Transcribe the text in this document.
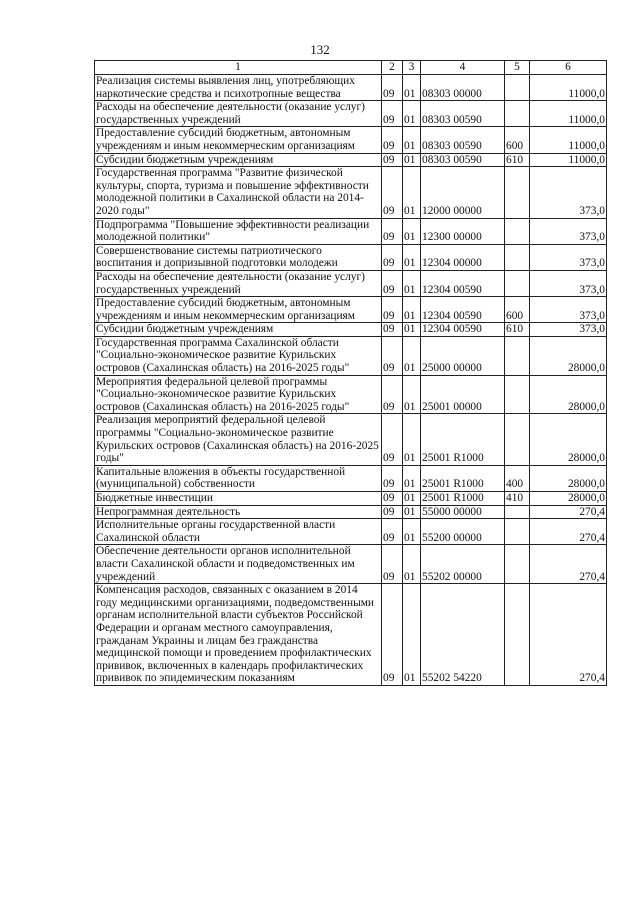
132
1	2	3	4	5	6
Реализация системы выявления лиц, употребляющих наркотические средства и психотропные вещества	09	01	08303 00000		11000,0
Расходы на обеспечение деятельности (оказание услуг) государственных учреждений	09	01	08303 00590		11000,0
Предоставление субсидий бюджетным, автономным учреждениям и иным некоммерческим организациям	09	01	08303 00590	600	11000,0
Субсидии бюджетным учреждениям	09	01	08303 00590	610	11000,0
Государственная программа "Развитие физической культуры, спорта, туризма и повышение эффективности молодежной политики в Сахалинской области на 2014-2020 годы"	09	01	12000 00000		373,0
Подпрограмма "Повышение эффективности реализации молодежной политики"	09	01	12300 00000		373,0
Совершенствование системы патриотического воспитания и допризывной подготовки молодежи	09	01	12304 00000		373,0
Расходы на обеспечение деятельности (оказание услуг) государственных учреждений	09	01	12304 00590		373,0
Предоставление субсидий бюджетным, автономным учреждениям и иным некоммерческим организациям	09	01	12304 00590	600	373,0
Субсидии бюджетным учреждениям	09	01	12304 00590	610	373,0
Государственная программа Сахалинской области "Социально-экономическое развитие Курильских островов (Сахалинская область) на 2016-2025 годы"	09	01	25000 00000		28000,0
Мероприятия федеральной целевой программы "Социально-экономическое развитие Курильских островов (Сахалинская область) на 2016-2025 годы"	09	01	25001 00000		28000,0
Реализация мероприятий федеральной целевой программы "Социально-экономическое развитие Курильских островов (Сахалинская область) на 2016-2025 годы"	09	01	25001 R1000		28000,0
Капитальные вложения в объекты государственной (муниципальной) собственности	09	01	25001 R1000	400	28000,0
Бюджетные инвестиции	09	01	25001 R1000	410	28000,0
Непрограммная деятельность	09	01	55000 00000		270,4
Исполнительные органы государственной власти Сахалинской области	09	01	55200 00000		270,4
Обеспечение деятельности органов исполнительной власти Сахалинской области и подведомственных им учреждений	09	01	55202 00000		270,4
Компенсация расходов, связанных с оказанием в 2014 году медицинскими организациями, подведомственными органам исполнительной власти субъектов Российской Федерации и органам местного самоуправления, гражданам Украины и лицам без гражданства медицинской помощи и проведением профилактических прививок, включенных в календарь профилактических прививок по эпидемическим показаниям	09	01	55202 54220		270,4
